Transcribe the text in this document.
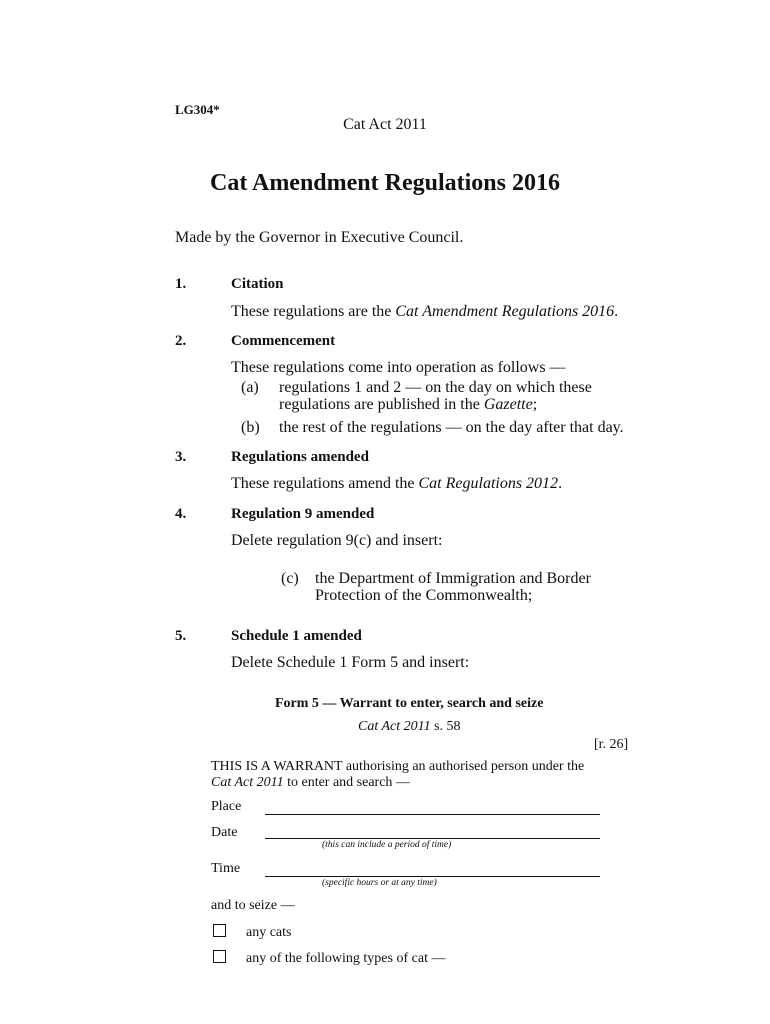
LG304*
Cat Act 2011
Cat Amendment Regulations 2016
Made by the Governor in Executive Council.
1.	Citation
These regulations are the Cat Amendment Regulations 2016.
2.	Commencement
These regulations come into operation as follows —
(a) regulations 1 and 2 — on the day on which these
regulations are published in the Gazette;
(b) the rest of the regulations — on the day after that day.
3.	Regulations amended
These regulations amend the Cat Regulations 2012.
4.	Regulation 9 amended
Delete regulation 9(c) and insert:
(c) the Department of Immigration and Border
Protection of the Commonwealth;
5.	Schedule 1 amended
Delete Schedule 1 Form 5 and insert:
Form 5 — Warrant to enter, search and seize
Cat Act 2011 s. 58
[r. 26]
THIS IS A WARRANT authorising an authorised person under the
Cat Act 2011 to enter and search —
Place
Date
(this can include a period of time)
Time
(specific hours or at any time)
and to seize —
any cats
any of the following types of cat —
